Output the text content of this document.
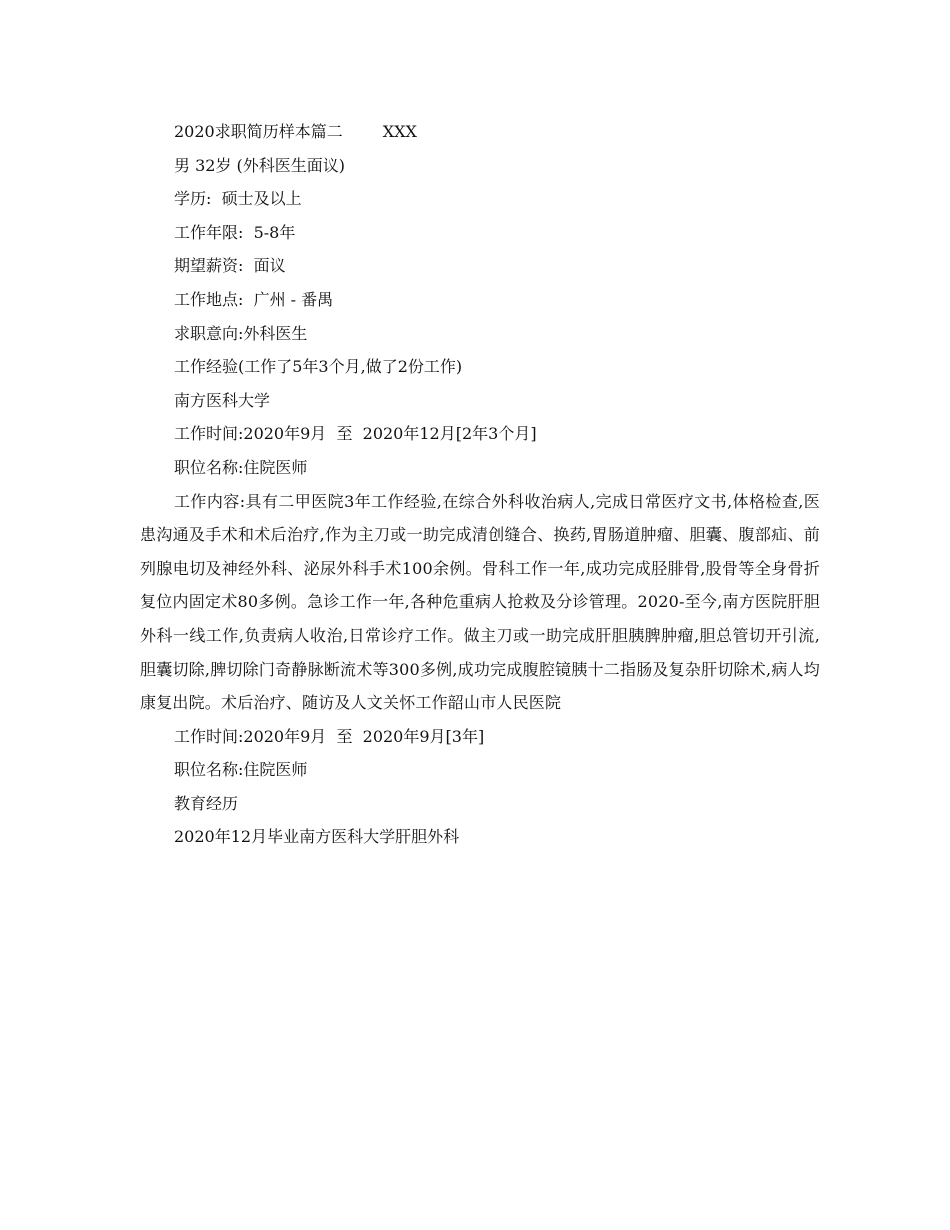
2020求职简历样本篇二	XXX
男 32岁 (外科医生面议)
学历:  硕士及以上
工作年限:  5-8年
期望薪资:  面议
工作地点:  广州 - 番禺
求职意向:外科医生
工作经验(工作了5年3个月,做了2份工作)
南方医科大学
工作时间:2020年9月  至  2020年12月[2年3个月]
职位名称:住院医师
工作内容:具有二甲医院3年工作经验,在综合外科收治病人,完成日常医疗文书,体格检查,医患沟通及手术和术后治疗,作为主刀或一助完成清创缝合、换药,胃肠道肿瘤、胆囊、腹部疝、前列腺电切及神经外科、泌尿外科手术100余例。骨科工作一年,成功完成胫腓骨,股骨等全身骨折复位内固定术80多例。急诊工作一年,各种危重病人抢救及分诊管理。2020-至今,南方医院肝胆外科一线工作,负责病人收治,日常诊疗工作。做主刀或一助完成肝胆胰脾肿瘤,胆总管切开引流,胆囊切除,脾切除门奇静脉断流术等300多例,成功完成腹腔镜胰十二指肠及复杂肝切除术,病人均康复出院。术后治疗、随访及人文关怀工作韶山市人民医院
工作时间:2020年9月  至  2020年9月[3年]
职位名称:住院医师
教育经历
2020年12月毕业南方医科大学肝胆外科
